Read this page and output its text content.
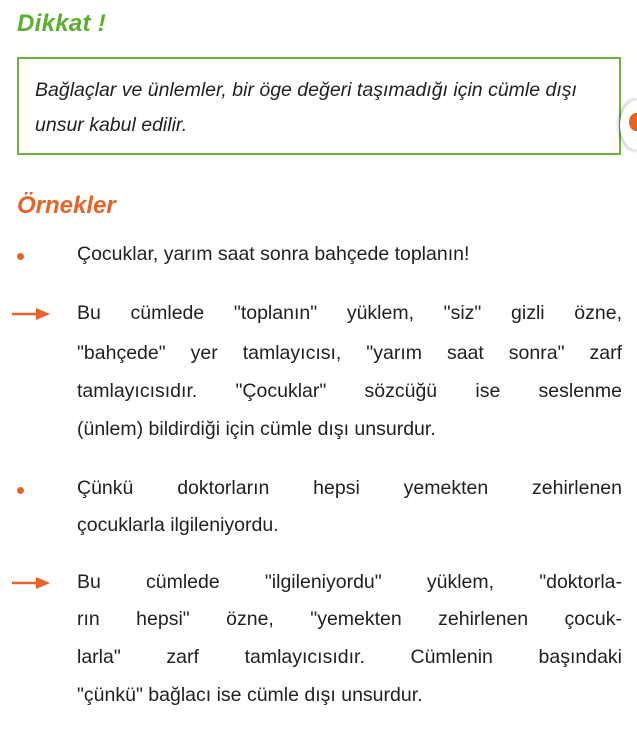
Dikkat !
Bağlaçlar ve ünlemler, bir öge değeri taşımadığı için cümle dışı unsur kabul edilir.
Örnekler
Çocuklar, yarım saat sonra bahçede toplanın!
Bu cümlede "toplanın" yüklem, "siz" gizli özne,
"bahçede" yer tamlayıcısı, "yarım saat sonra" zarf
tamlayıcısıdır. "Çocuklar" sözcüğü ise seslenme
(ünlem) bildirdiği için cümle dışı unsurdur.
Çünkü doktorların hepsi yemekten zehirlenen
çocuklarla ilgileniyordu.
Bu cümlede "ilgileniyordu" yüklem, "doktorla-
rın hepsi" özne, "yemekten zehirlenen çocuk-
larla" zarf tamlayıcısıdır. Cümlenin başındaki
"çünkü" bağlacı ise cümle dışı unsurdur.
